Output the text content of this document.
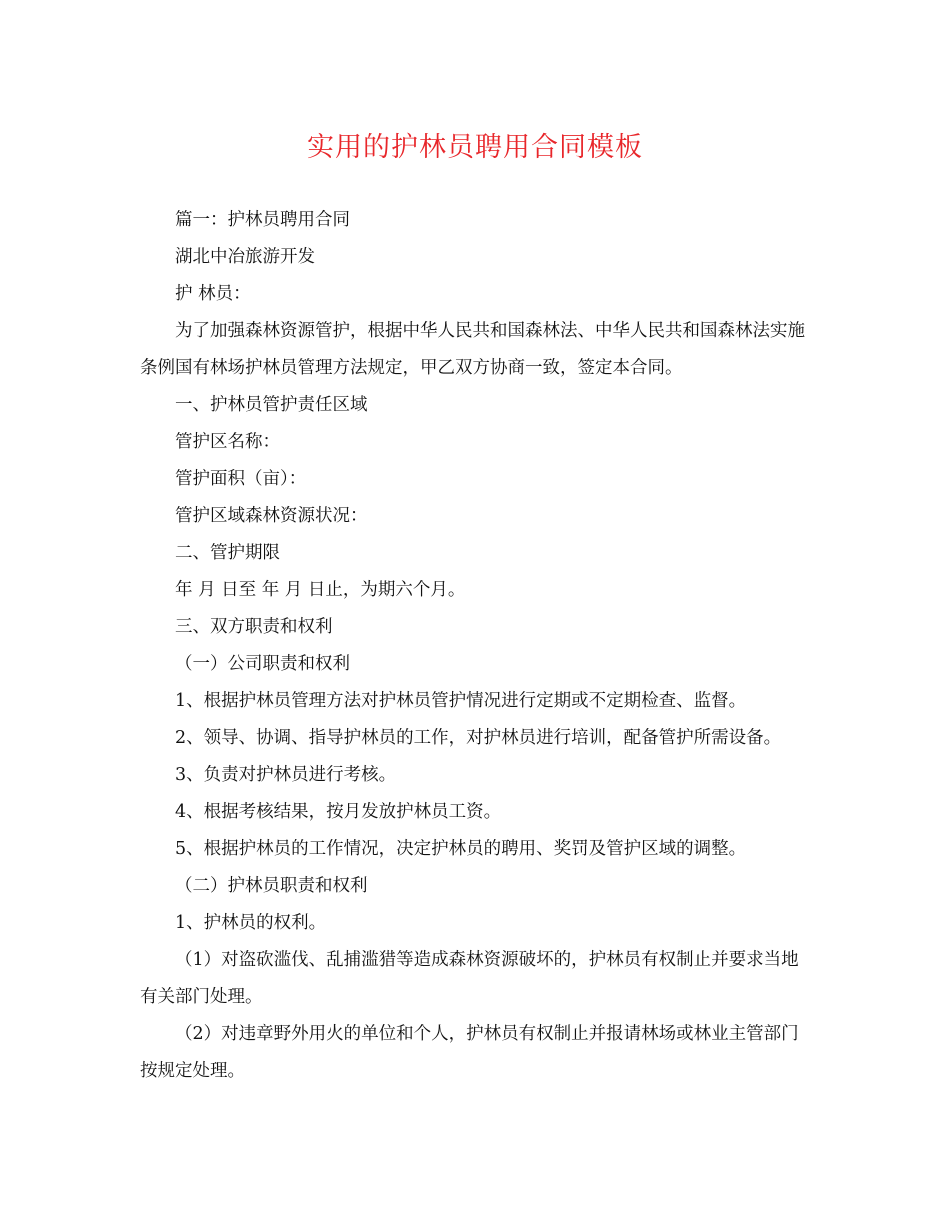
实用的护林员聘用合同模板

篇一：护林员聘用合同

湖北中冶旅游开发

护 林员：

为了加强森林资源管护，根据中华人民共和国森林法、中华人民共和国森林法实施条例国有林场护林员管理方法规定，甲乙双方协商一致，签定本合同。

一、护林员管护责任区域

管护区名称：

管护面积（亩）：

管护区域森林资源状况：

二、管护期限

年 月 日至 年 月 日止，为期六个月。

三、双方职责和权利

（一）公司职责和权利

1、根据护林员管理方法对护林员管护情况进行定期或不定期检查、监督。

2、领导、协调、指导护林员的工作，对护林员进行培训，配备管护所需设备。

3、负责对护林员进行考核。

4、根据考核结果，按月发放护林员工资。

5、根据护林员的工作情况，决定护林员的聘用、奖罚及管护区域的调整。

（二）护林员职责和权利

1、护林员的权利。

（1）对盗砍滥伐、乱捕滥猎等造成森林资源破坏的，护林员有权制止并要求当地有关部门处理。

（2）对违章野外用火的单位和个人，护林员有权制止并报请林场或林业主管部门按规定处理。
